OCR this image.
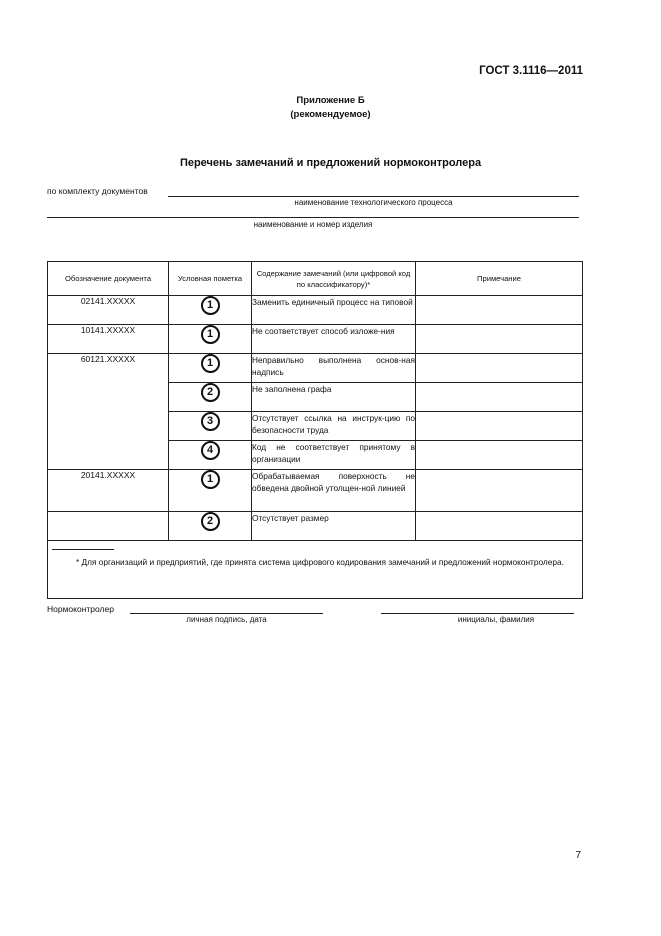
ГОСТ 3.1116—2011
Приложение Б
(рекомендуемое)
Перечень замечаний и предложений нормоконтролера
по комплекту документов
наименование технологического процесса
наименование и номер изделия
Обозначение документа	Условная пометка	Содержание замечаний (или цифровой код по классификатору)*	Примечание
02141.XXXXX	1	Заменить единичный процесс на типовой	
10141.XXXXX	1	Не соответствует способ изложе-ния	
60121.XXXXX	1	Неправильно выполнена основ-ная надпись	
	2	Не заполнена графа	
	3	Отсутствует ссылка на инструк-цию по безопасности труда	
	4	Код не соответствует принятому в организации	
20141.XXXXX	1	Обрабатываемая поверхность не обведена двойной утолщен-ной линией	
	2	Отсутствует размер	

* Для организаций и предприятий, где принята система цифрового кодирования замечаний и предложений нормоконтролера.			
Нормоконтролер
личная подпись, дата	инициалы, фамилия
7
